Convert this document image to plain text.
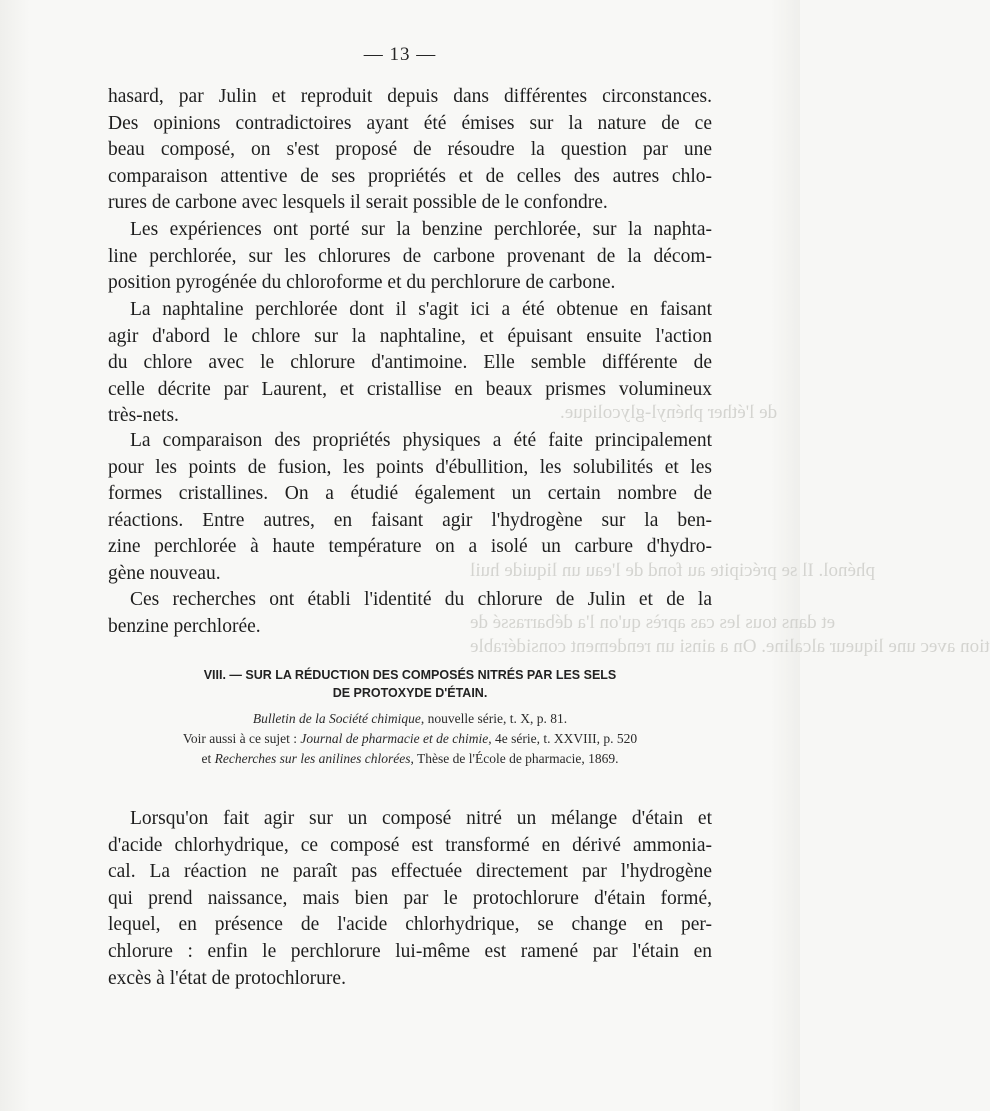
de l'éther phényl-glycolique.
phénol. Il se précipite au fond de l'eau un liquide huil
et dans tous les cas après qu'on l'a débarrassé de
tion avec une liqueur alcaline. On a ainsi un rendement considérable
— 13 —
hasard, par Julin et reproduit depuis dans différentes circonstances.
Des opinions contradictoires ayant été émises sur la nature de ce
beau composé, on s'est proposé de résoudre la question par une
comparaison attentive de ses propriétés et de celles des autres chlo-
rures de carbone avec lesquels il serait possible de le confondre.
Les expériences ont porté sur la benzine perchlorée, sur la naphta-
line perchlorée, sur les chlorures de carbone provenant de la décom-
position pyrogénée du chloroforme et du perchlorure de carbone.
La naphtaline perchlorée dont il s'agit ici a été obtenue en faisant
agir d'abord le chlore sur la naphtaline, et épuisant ensuite l'action
du chlore avec le chlorure d'antimoine. Elle semble différente de
celle décrite par Laurent, et cristallise en beaux prismes volumineux
très-nets.
La comparaison des propriétés physiques a été faite principalement
pour les points de fusion, les points d'ébullition, les solubilités et les
formes cristallines. On a étudié également un certain nombre de
réactions. Entre autres, en faisant agir l'hydrogène sur la ben-
zine perchlorée à haute température on a isolé un carbure d'hydro-
gène nouveau.
Ces recherches ont établi l'identité du chlorure de Julin et de la
benzine perchlorée.
VIII. — SUR LA RÉDUCTION DES COMPOSÉS NITRÉS PAR LES SELS
DE PROTOXYDE D'ÉTAIN.
Bulletin de la Société chimique, nouvelle série, t. X, p. 81.
Voir aussi à ce sujet : Journal de pharmacie et de chimie, 4e série, t. XXVIII, p. 520
et Recherches sur les anilines chlorées, Thèse de l'École de pharmacie, 1869.
Lorsqu'on fait agir sur un composé nitré un mélange d'étain et
d'acide chlorhydrique, ce composé est transformé en dérivé ammonia-
cal. La réaction ne paraît pas effectuée directement par l'hydrogène
qui prend naissance, mais bien par le protochlorure d'étain formé,
lequel, en présence de l'acide chlorhydrique, se change en per-
chlorure : enfin le perchlorure lui-même est ramené par l'étain en
excès à l'état de protochlorure.
